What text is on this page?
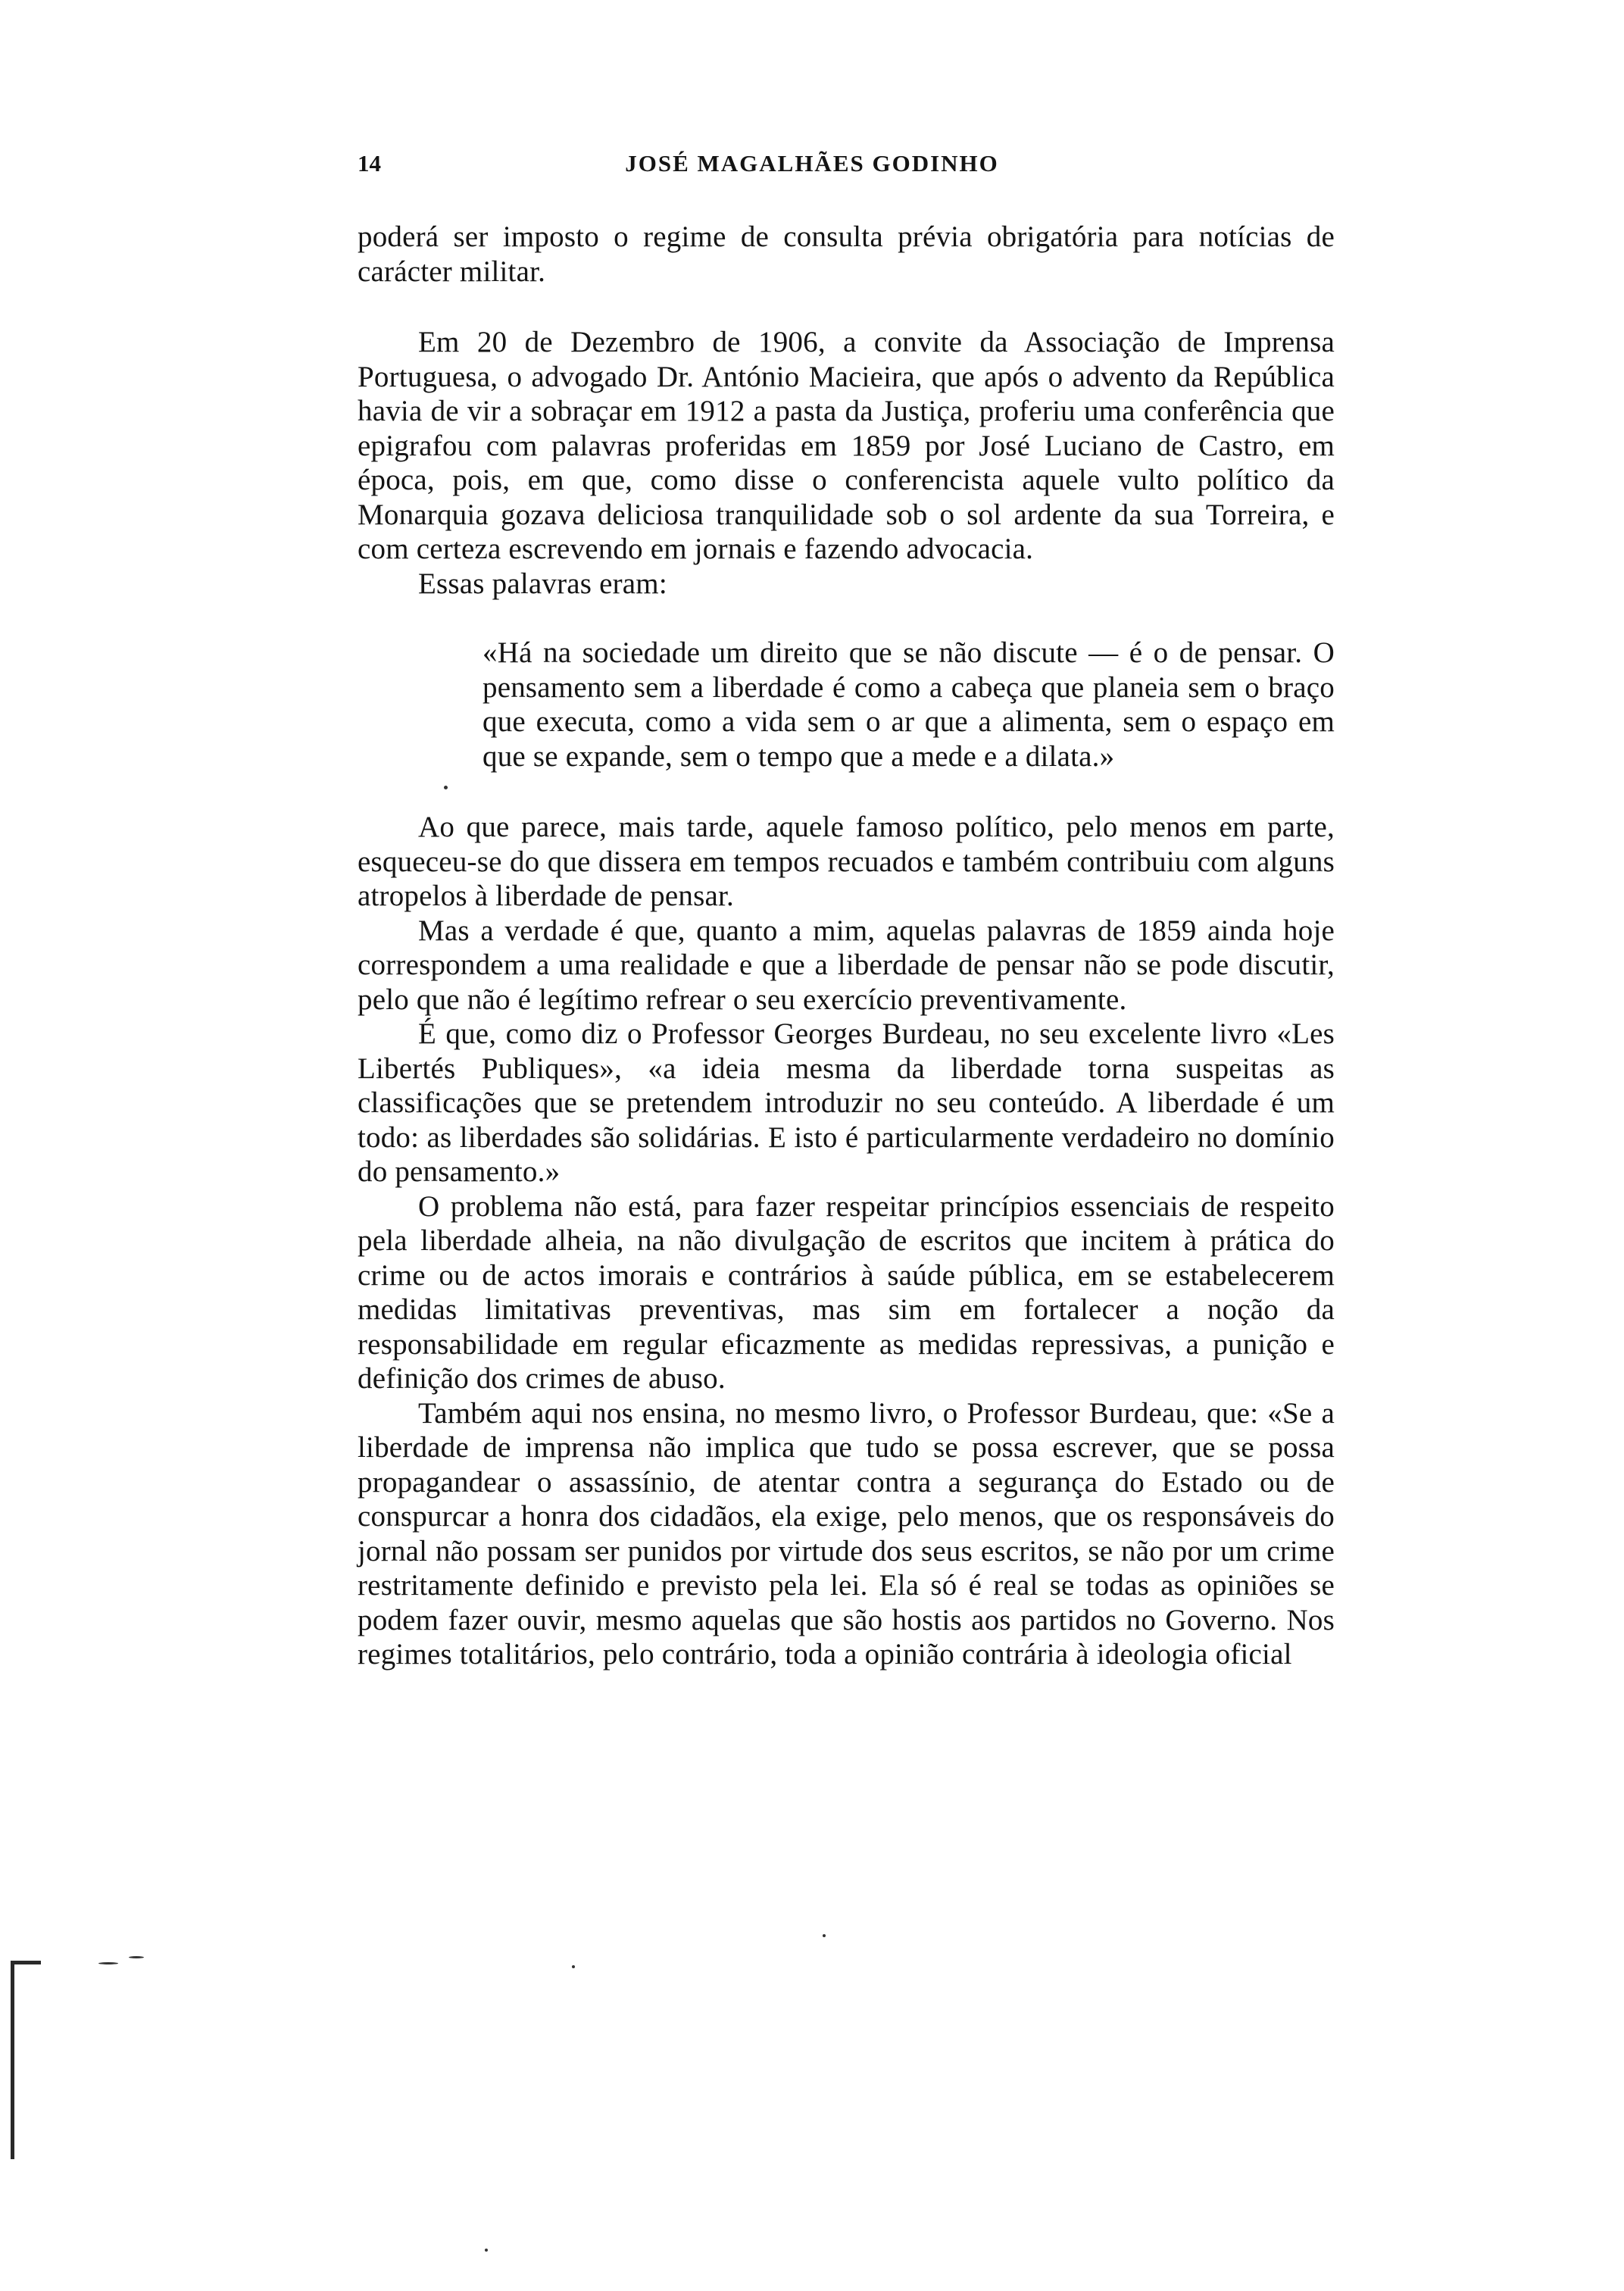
14	JOSÉ MAGALHÃES GODINHO

poderá ser imposto o regime de consulta prévia obrigatória para notícias de carácter militar.

Em 20 de Dezembro de 1906, a convite da Associação de Imprensa Portuguesa, o advogado Dr. António Macieira, que após o advento da República havia de vir a sobraçar em 1912 a pasta da Justiça, proferiu uma conferência que epigrafou com palavras proferidas em 1859 por José Luciano de Castro, em época, pois, em que, como disse o conferencista aquele vulto político da Monarquia gozava deliciosa tranquilidade sob o sol ardente da sua Torreira, e com certeza escrevendo em jornais e fazendo advocacia.

Essas palavras eram:

«Há na sociedade um direito que se não discute — é o de pensar. O pensamento sem a liberdade é como a cabeça que planeia sem o braço que executa, como a vida sem o ar que a alimenta, sem o espaço em que se expande, sem o tempo que a mede e a dilata.»

Ao que parece, mais tarde, aquele famoso político, pelo menos em parte, esqueceu-se do que dissera em tempos recuados e também contribuiu com alguns atropelos à liberdade de pensar.

Mas a verdade é que, quanto a mim, aquelas palavras de 1859 ainda hoje correspondem a uma realidade e que a liberdade de pensar não se pode discutir, pelo que não é legítimo refrear o seu exercício preventivamente.

É que, como diz o Professor Georges Burdeau, no seu excelente livro «Les Libertés Publiques», «a ideia mesma da liberdade torna suspeitas as classificações que se pretendem introduzir no seu conteúdo. A liberdade é um todo: as liberdades são solidárias. E isto é particularmente verdadeiro no domínio do pensamento.»

O problema não está, para fazer respeitar princípios essenciais de respeito pela liberdade alheia, na não divulgação de escritos que incitem à prática do crime ou de actos imorais e contrários à saúde pública, em se estabelecerem medidas limitativas preventivas, mas sim em fortalecer a noção da responsabilidade em regular eficazmente as medidas repressivas, a punição e definição dos crimes de abuso.

Também aqui nos ensina, no mesmo livro, o Professor Burdeau, que: «Se a liberdade de imprensa não implica que tudo se possa escrever, que se possa propagandear o assassínio, de atentar contra a segurança do Estado ou de conspurcar a honra dos cidadãos, ela exige, pelo menos, que os responsáveis do jornal não possam ser punidos por virtude dos seus escritos, se não por um crime restritamente definido e previsto pela lei. Ela só é real se todas as opiniões se podem fazer ouvir, mesmo aquelas que são hostis aos partidos no Governo. Nos regimes totalitários, pelo contrário, toda a opinião contrária à ideologia oficial
